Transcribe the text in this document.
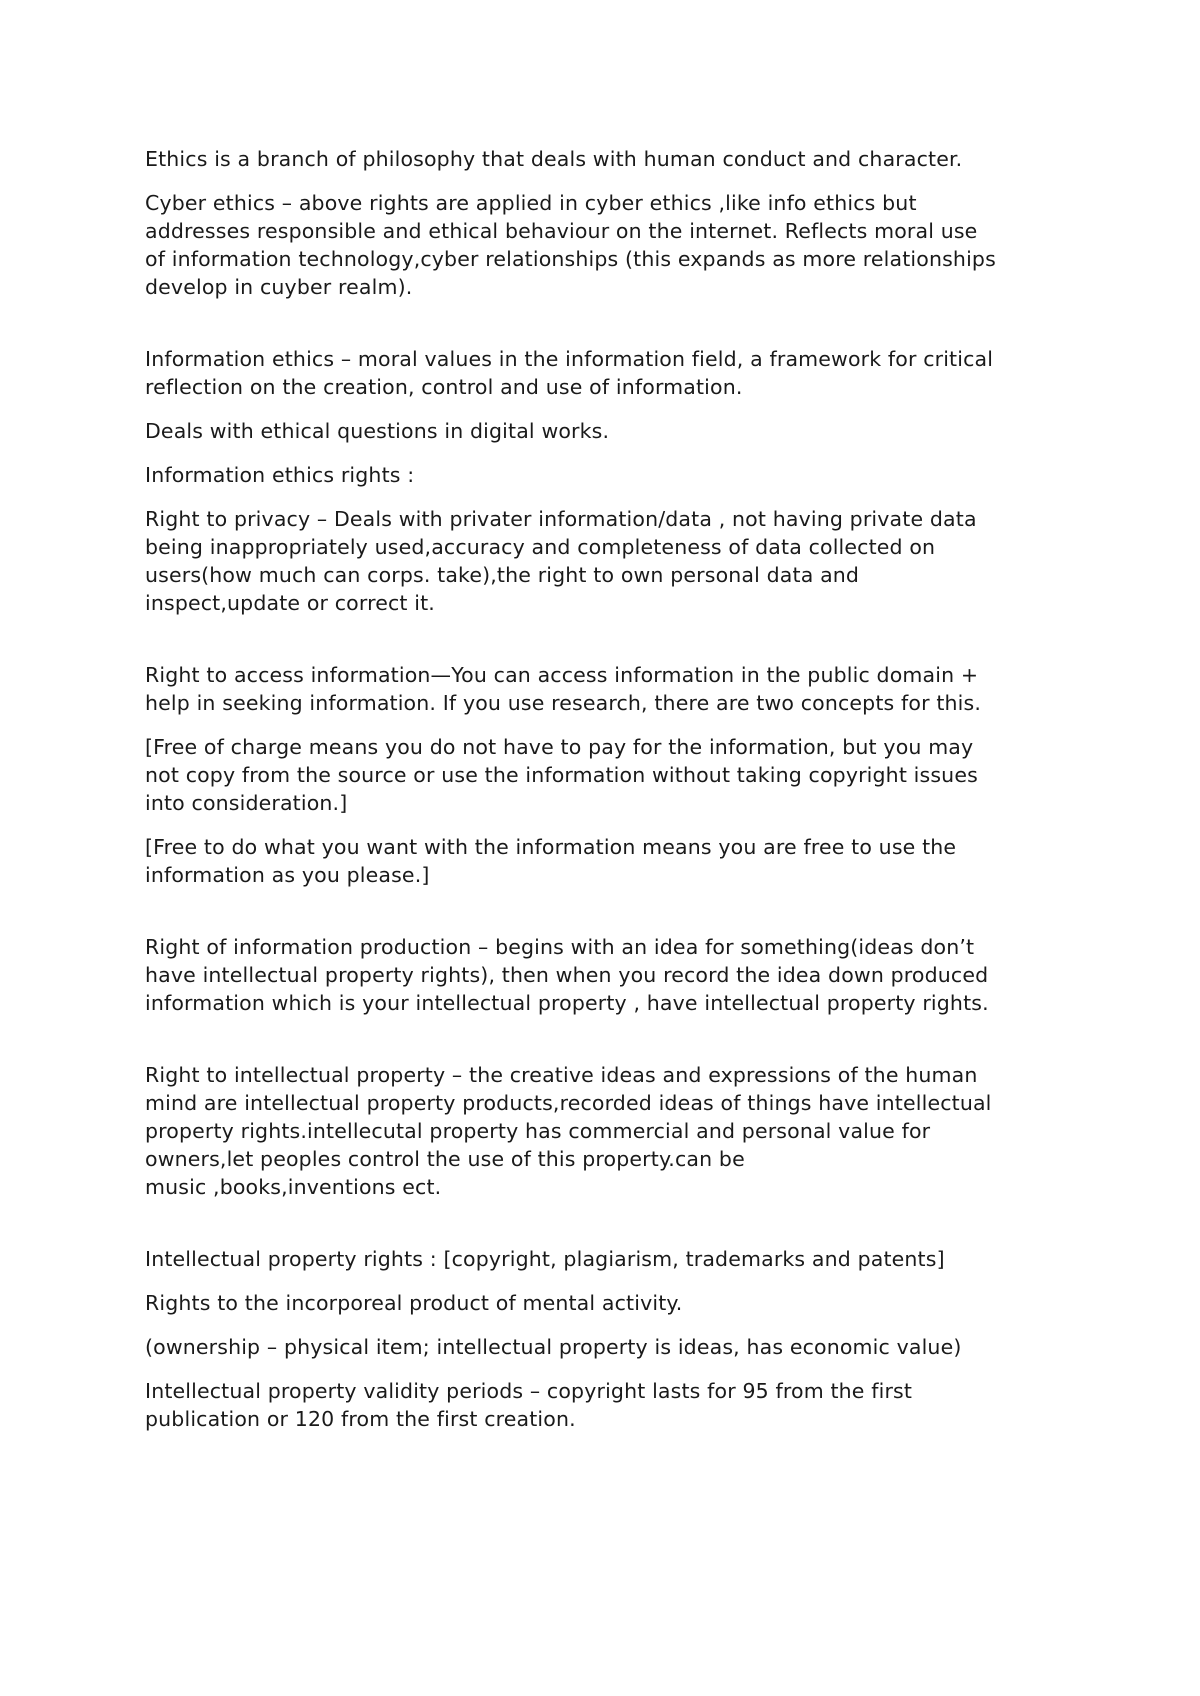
Ethics is a branch of philosophy that deals with human conduct and character.

Cyber ethics – above rights are applied in cyber ethics ,like info ethics but
addresses responsible and ethical behaviour on the internet. Reflects moral use
of information technology,cyber relationships (this expands as more relationships
develop in cuyber realm).

Information ethics – moral values in the information field, a framework for critical
reflection on the creation, control and use of information.

Deals with ethical questions in digital works.

Information ethics rights :

Right to privacy – Deals with privater information/data , not having private data
being inappropriately used,accuracy and completeness of data collected on
users(how much can corps. take),the right to own personal data and
inspect,update or correct it.

Right to access information—You can access information in the public domain +
help in seeking information. If you use research, there are two concepts for this.

[Free of charge means you do not have to pay for the information, but you may
not copy from the source or use the information without taking copyright issues
into consideration.]

[Free to do what you want with the information means you are free to use the
information as you please.]

Right of information production – begins with an idea for something(ideas don’t
have intellectual property rights), then when you record the idea down produced
information which is your intellectual property , have intellectual property rights.

Right to intellectual property – the creative ideas and expressions of the human
mind are intellectual property products,recorded ideas of things have intellectual
property rights.intellecutal property has commercial and personal value for
owners,let peoples control the use of this property.can be
music ,books,inventions ect.

Intellectual property rights : [copyright, plagiarism, trademarks and patents]

Rights to the incorporeal product of mental activity.

(ownership – physical item; intellectual property is ideas, has economic value)

Intellectual property validity periods – copyright lasts for 95 from the first
publication or 120 from the first creation.
